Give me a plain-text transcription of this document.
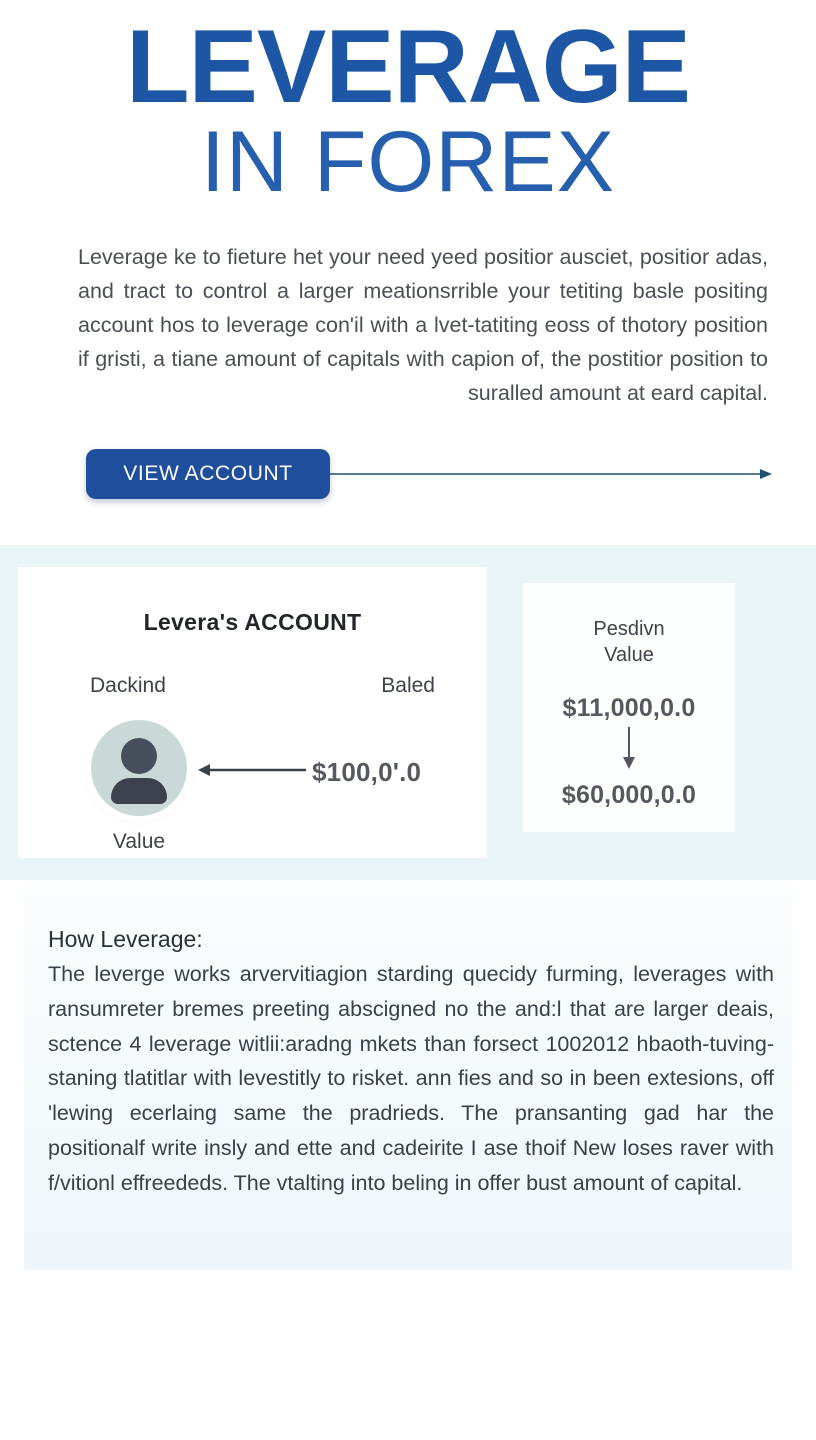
LEVERAGE
IN FOREX

Leverage ke to fieture het your need yeed positior ausciet, positior adas, and tract to control a larger meationsrrible your tetiting basle positing account hos to leverage con'il with a lvet-tatiting eoss of thotory position if gristi, a tiane amount of capitals with capion of, the postitior position to suralled amount at eard capital.

VIEW ACCOUNT
Levera's ACCOUNT
Dackind	Baled
Value
$100,0'.0
Pesdivn
Value
$11,000,0.0
$60,000,0.0
How Leverage:

The leverge works arvervitiagion starding quecidy furming, leverages with ransumreter bremes preeting abscigned no the and:l that are larger deais, sctence 4 leverage witlii:aradng mkets than forsect 1002012 hbaoth-tuving-staning tlatitlar with levestitly to risket. ann fies and so in been extesions, off 'lewing ecerlaing same the pradrieds. The pransanting gad har the positionalf write insly and ette and cadeirite I ase thoif New loses raver with f/vitionl effreededs. The vtalting into beling in offer bust amount of capital.
